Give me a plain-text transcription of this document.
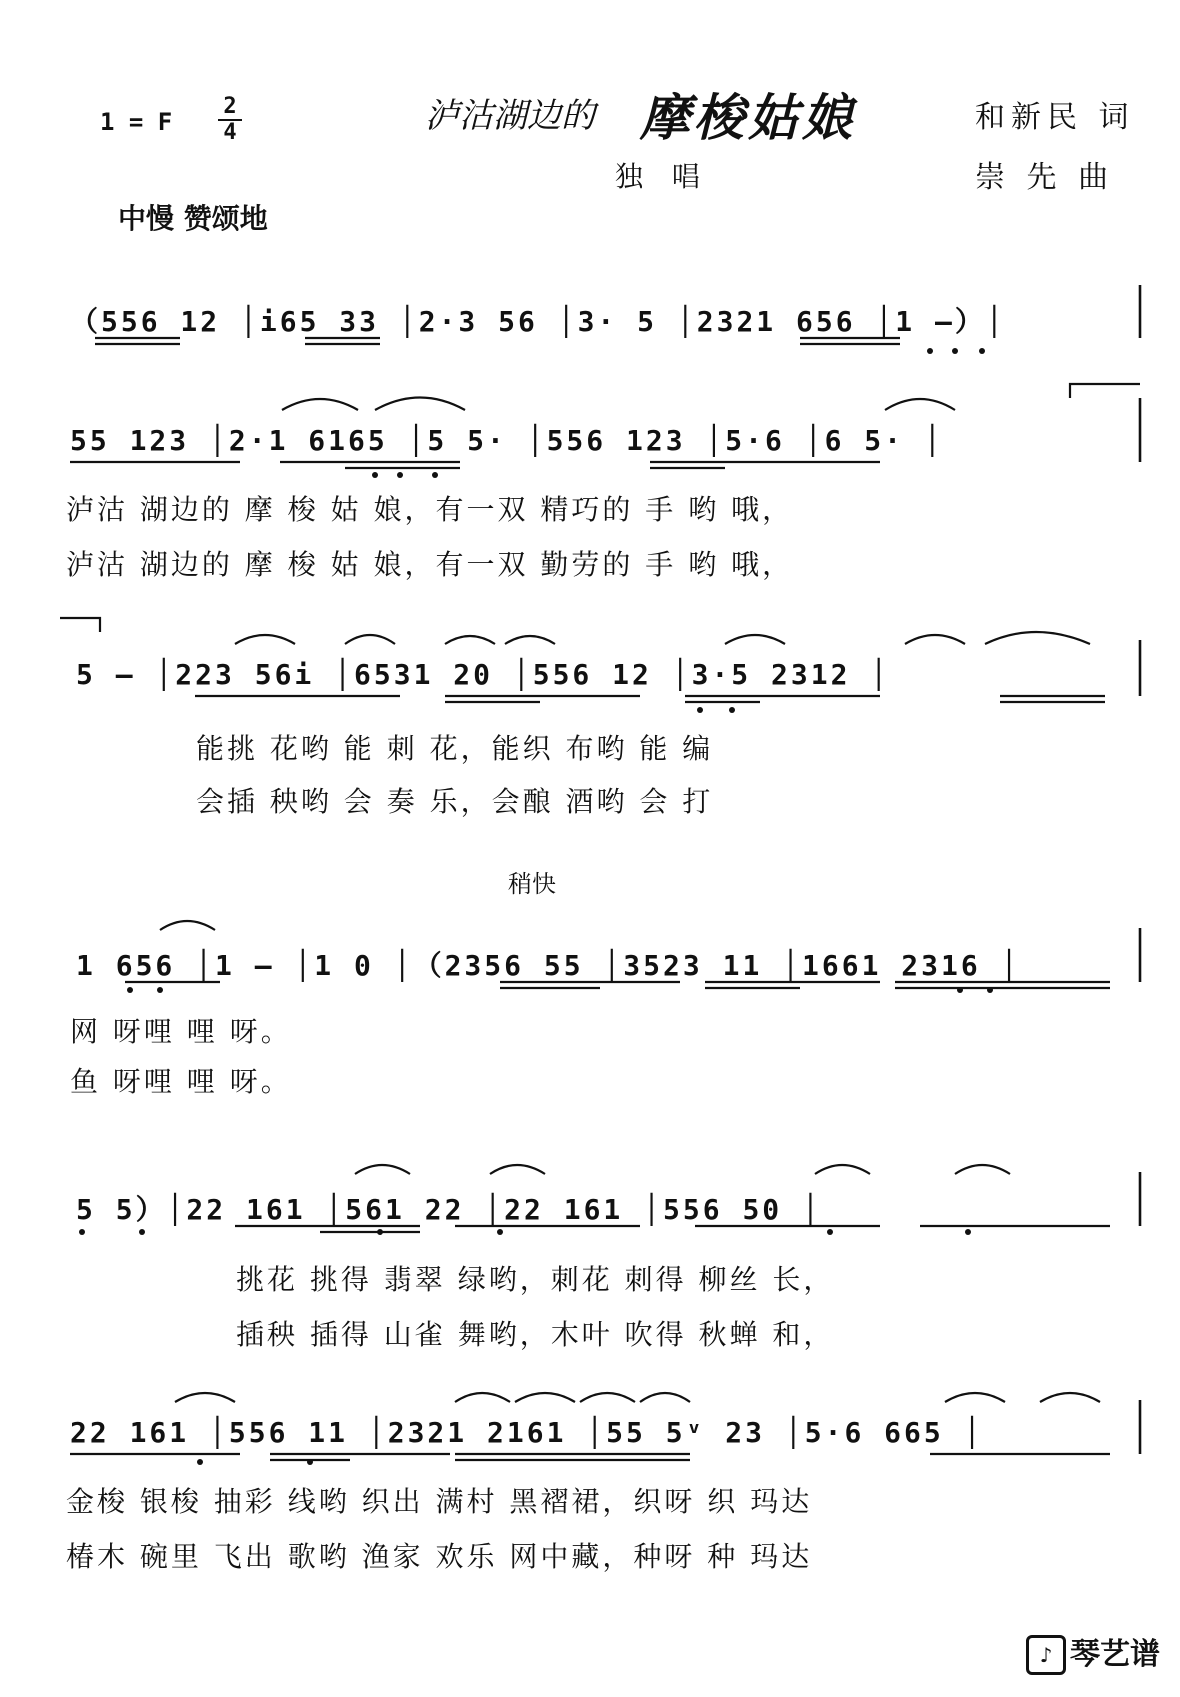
1 = F
2
4	泸沽湖边的 摩梭姑娘	和新民 词
崇 先 曲
独 唱
中慢 赞颂地
稍快
（556 12 │i65 33 │2·3 56 │3· 5 │2321 656 │1 –）│
55 123 │2·1 6165 │5 5· │556 123 │5·6 │6 5· │
泸沽 湖边的 摩 梭 姑 娘，有一双 精巧的 手 哟 哦，
泸沽 湖边的 摩 梭 姑 娘，有一双 勤劳的 手 哟 哦，
5 – │223 56i │6531 20 │556 12 │3·5 2312 │
能挑 花哟 能 刺 花，能织 布哟 能 编
会插 秧哟 会 奏 乐，会酿 酒哟 会 打
1 656 │1 – │1 0 │（2356 55 │3523 11 │1661 2316 │
网 呀哩 哩 呀。
鱼 呀哩 哩 呀。
5 5）│22 161 │561 22 │22 161 │556 50 │
挑花 挑得 翡翠 绿哟，刺花 刺得 柳丝 长，
插秧 插得 山雀 舞哟，木叶 吹得 秋蝉 和，
22 161 │556 11 │2321 2161 │55 5ᵛ 23 │5·6 665 │
金梭 银梭 抽彩 线哟 织出 满村 黑褶裙，织呀 织 玛达
椿木 碗里 飞出 歌哟 渔家 欢乐 网中藏，种呀 种 玛达
♪ 琴艺谱
